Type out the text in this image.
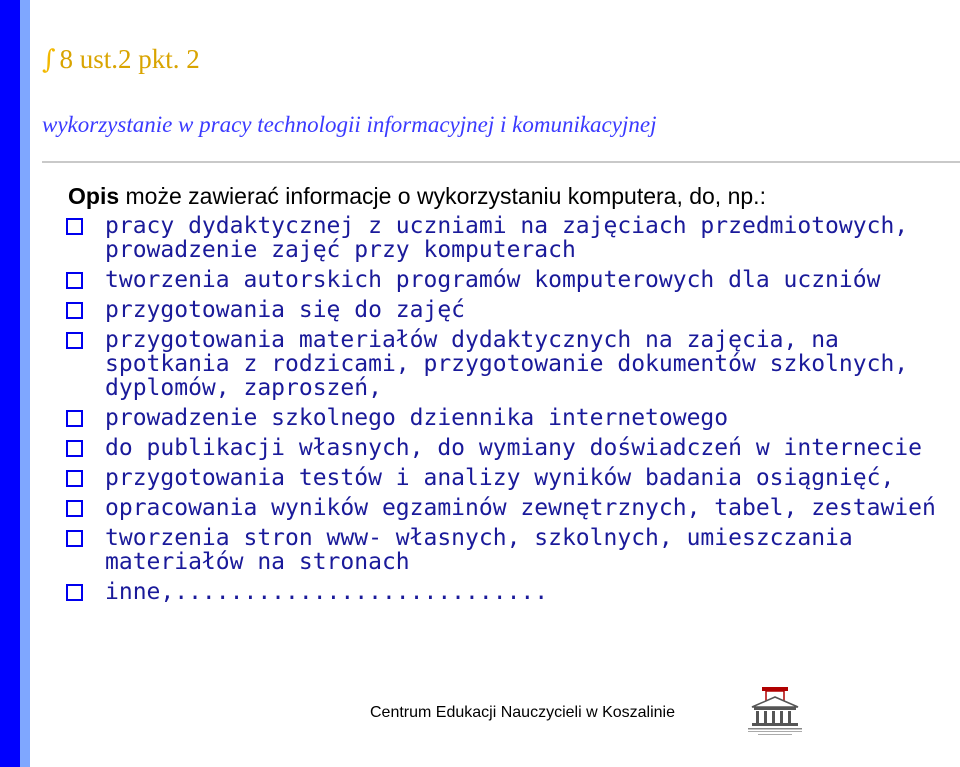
∫ 8 ust.2 pkt. 2
wykorzystanie w pracy technologii informacyjnej i komunikacyjnej
Opis może zawierać informacje o wykorzystaniu komputera, do, np.:
pracy dydaktycznej z uczniami na zajęciach przedmiotowych, prowadzenie zajęć przy komputerach
tworzenia autorskich programów komputerowych dla uczniów
przygotowania się do zajęć
przygotowania materiałów dydaktycznych na zajęcia, na spotkania z rodzicami, przygotowanie dokumentów szkolnych, dyplomów, zaproszeń,
prowadzenie szkolnego dziennika internetowego
do publikacji własnych, do wymiany doświadczeń w internecie
przygotowania testów i analizy wyników badania osiągnięć,
opracowania wyników egzaminów zewnętrznych, tabel, zestawień
tworzenia stron www- własnych, szkolnych, umieszczania materiałów na stronach
inne,...........................
Centrum Edukacji Nauczycieli w Koszalinie
